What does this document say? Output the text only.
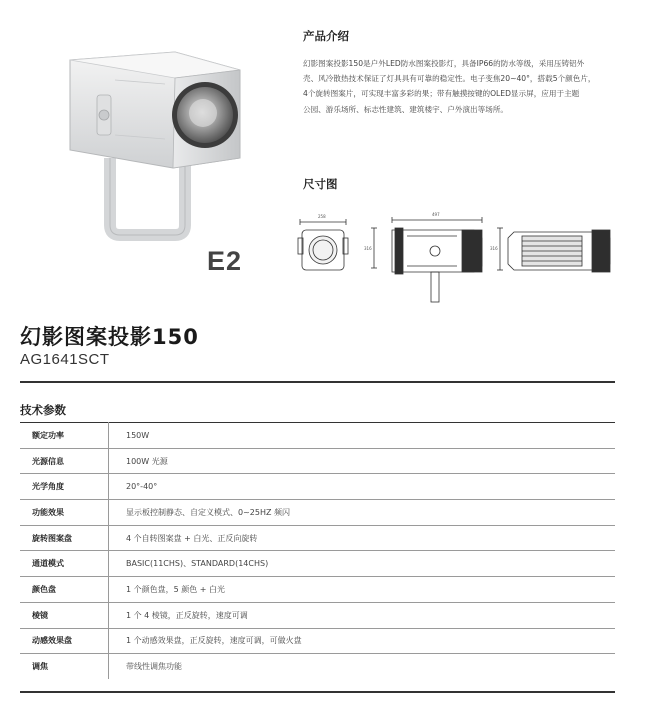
E2
产品介绍
幻影图案投影150是户外LED防水图案投影灯，具备IP66的防水等级，采用压铸铝外
壳、风冷散热技术保证了灯具具有可靠的稳定性。电子变焦20~40°，搭载5个颜色片，
4个旋转图案片，可实现丰富多彩的果；带有触摸按键的OLED显示屏，应用于主题
公园、游乐场所、标志性建筑、建筑楼宇、户外演出等场所。
尺寸图
258	497
316	316
幻影图案投影150
AG1641SCT
技术参数
额定功率	150W
光源信息	100W 光源
光学角度	20°-40°
功能效果	显示板控制静态、自定义模式、0~25HZ 频闪
旋转图案盘	4 个自转图案盘 + 白光、正反向旋转
通道模式	BASIC(11CHS)、STANDARD(14CHS)
颜色盘	1 个颜色盘，5 颜色 + 白光
棱镜	1 个 4 棱镜，正反旋转，速度可调
动感效果盘	1 个动感效果盘，正反旋转，速度可调，可做火盘
调焦	带线性调焦功能
